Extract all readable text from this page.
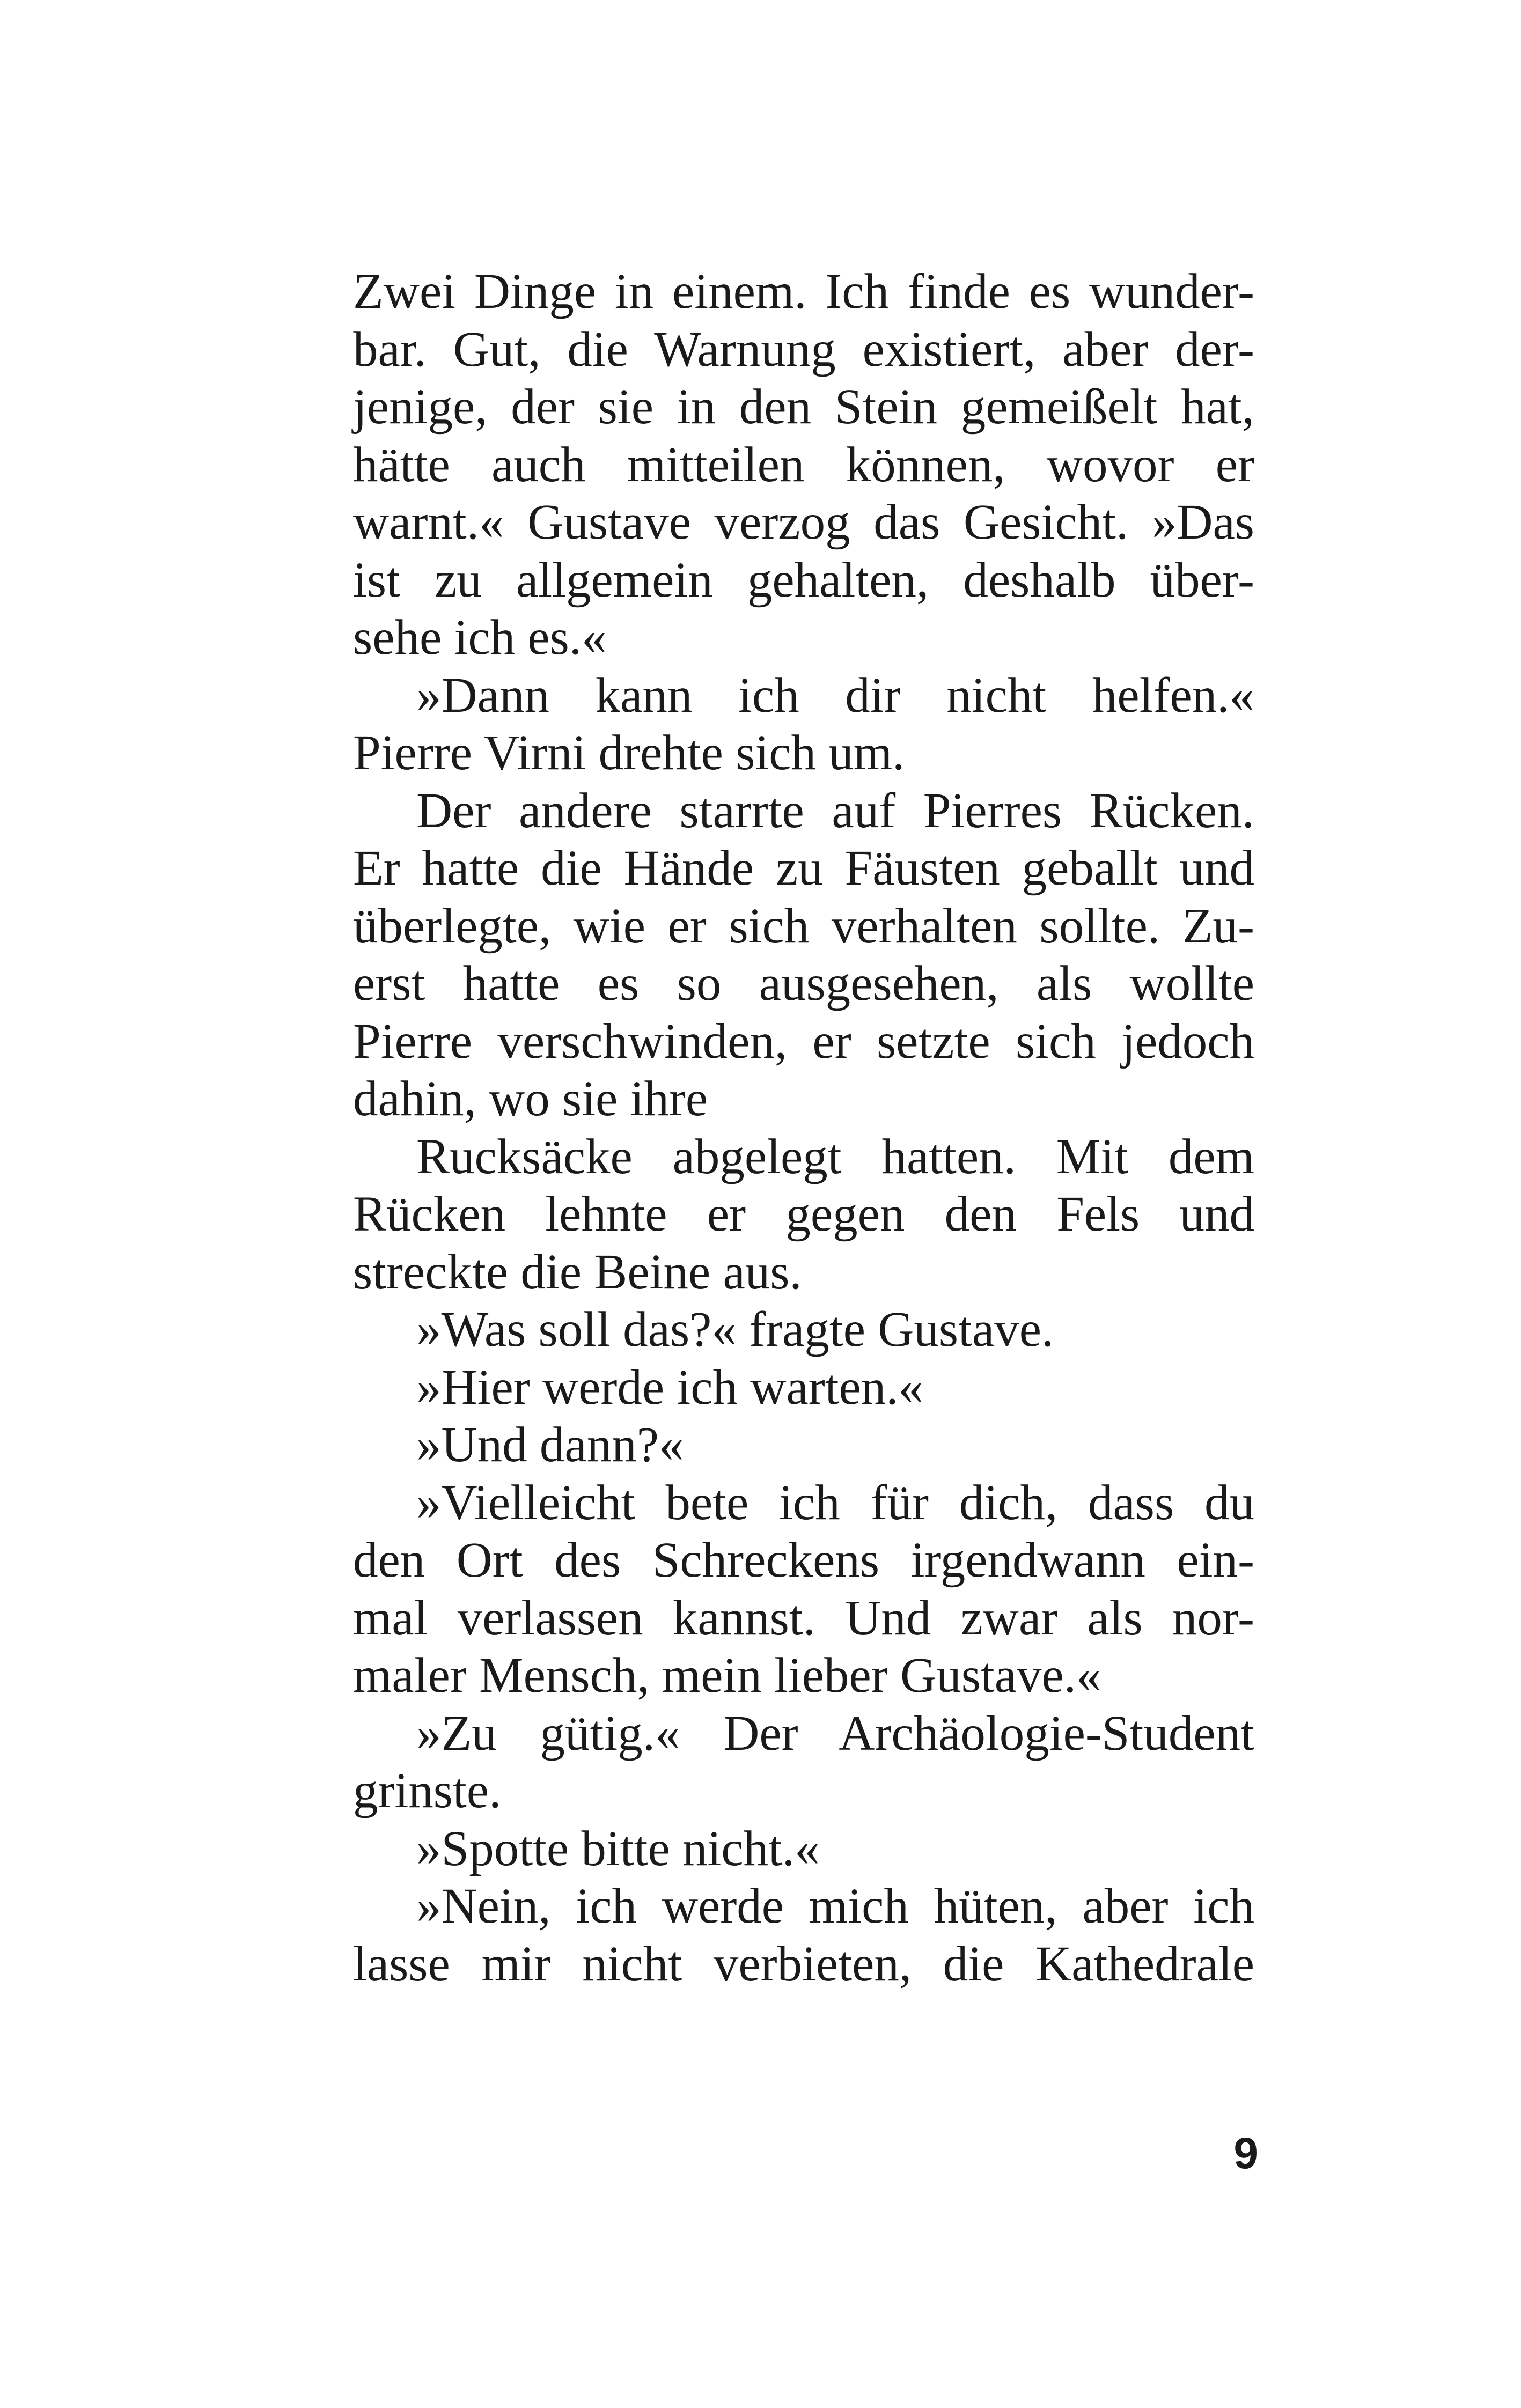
Zwei Dinge in einem. Ich finde es wunder-
bar. Gut, die Warnung existiert, aber der-
jenige, der sie in den Stein gemeißelt hat,
hätte auch mitteilen können, wovor er
warnt.« Gustave verzog das Gesicht. »Das
ist zu allgemein gehalten, deshalb über-
sehe ich es.«
»Dann kann ich dir nicht helfen.«
Pierre Virni drehte sich um.
Der andere starrte auf Pierres Rücken.
Er hatte die Hände zu Fäusten geballt und
überlegte, wie er sich verhalten sollte. Zu-
erst hatte es so ausgesehen, als wollte
Pierre verschwinden, er setzte sich jedoch
dahin, wo sie ihre
Rucksäcke abgelegt hatten. Mit dem
Rücken lehnte er gegen den Fels und
streckte die Beine aus.
»Was soll das?« fragte Gustave.
»Hier werde ich warten.«
»Und dann?«
»Vielleicht bete ich für dich, dass du
den Ort des Schreckens irgendwann ein-
mal verlassen kannst. Und zwar als nor-
maler Mensch, mein lieber Gustave.«
»Zu gütig.« Der Archäologie-Student
grinste.
»Spotte bitte nicht.«
»Nein, ich werde mich hüten, aber ich
lasse mir nicht verbieten, die Kathedrale
9
